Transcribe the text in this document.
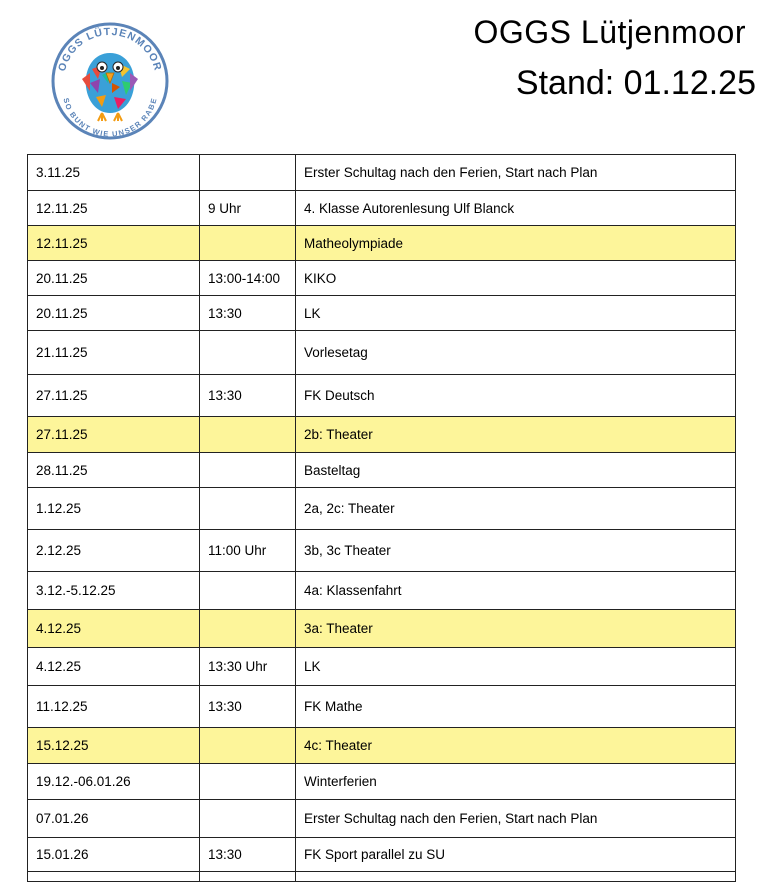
OGGS LÜTJENMOOR
SO BUNT WIE UNSER RABE
OGGS Lütjenmoor
Stand: 01.12.25
3.11.25		Erster Schultag nach den Ferien, Start nach Plan
12.11.25	9 Uhr	4. Klasse Autorenlesung Ulf Blanck
12.11.25		Matheolympiade
20.11.25	13:00-14:00	KIKO
20.11.25	13:30	LK
21.11.25		Vorlesetag
27.11.25	13:30	FK Deutsch
27.11.25		2b: Theater
28.11.25		Basteltag
1.12.25		2a, 2c: Theater
2.12.25	11:00 Uhr	3b, 3c Theater
3.12.-5.12.25		4a: Klassenfahrt
4.12.25		3a: Theater
4.12.25	13:30 Uhr	LK
11.12.25	13:30	FK Mathe
15.12.25		4c: Theater
19.12.-06.01.26		Winterferien
07.01.26		Erster Schultag nach den Ferien, Start nach Plan
15.01.26	13:30	FK Sport parallel zu SU
